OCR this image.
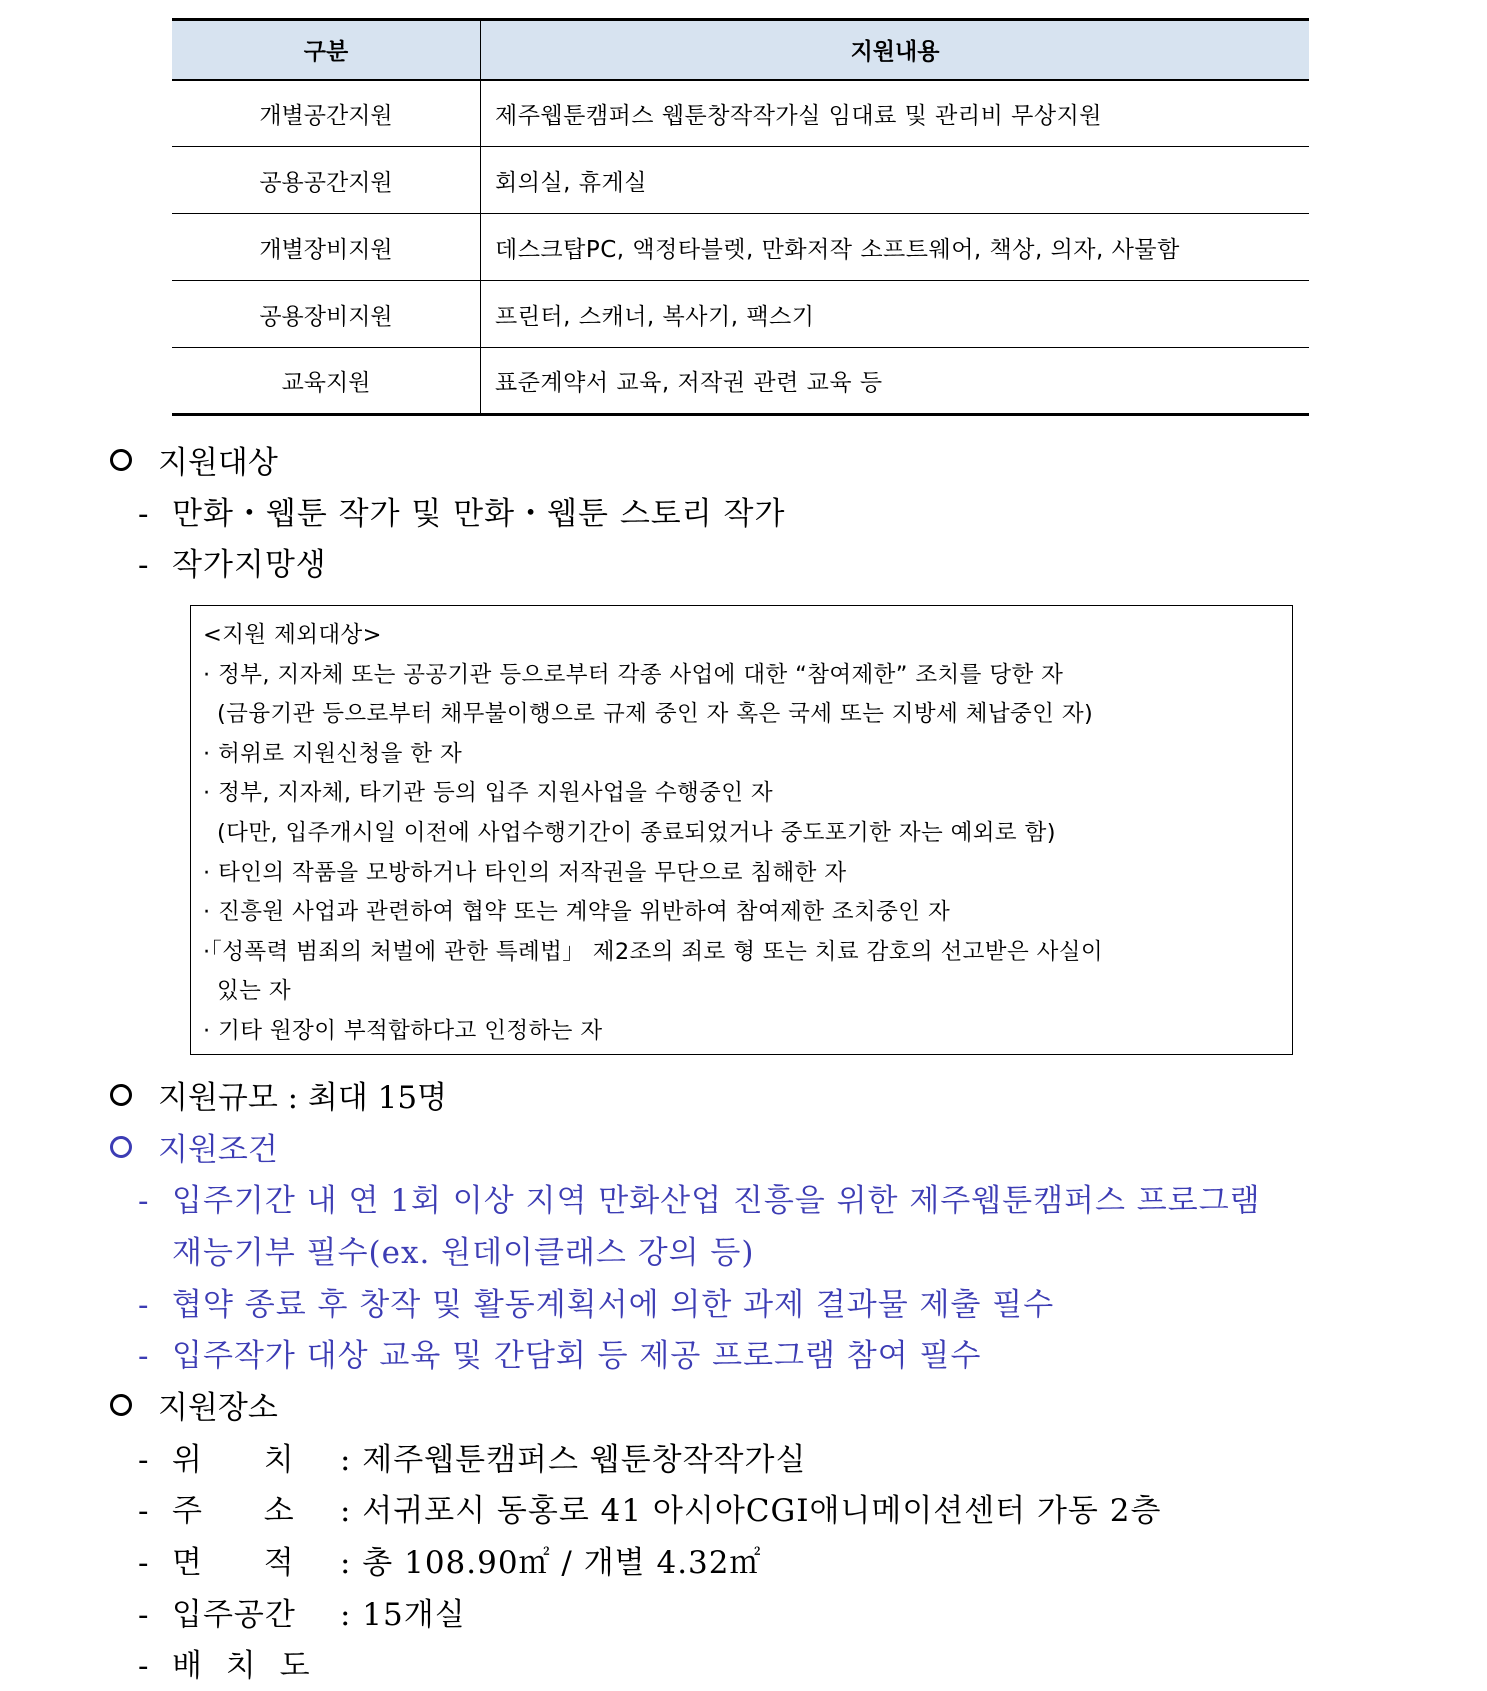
구분	지원내용
개별공간지원	제주웹툰캠퍼스 웹툰창작작가실 임대료 및 관리비 무상지원
공용공간지원	회의실, 휴게실
개별장비지원	데스크탑PC, 액정타블렛, 만화저작 소프트웨어, 책상, 의자, 사물함
공용장비지원	프린터, 스캐너, 복사기, 팩스기
교육지원	표준계약서 교육, 저작권 관련 교육 등
지원대상
- 만화・웹툰 작가 및 만화・웹툰 스토리 작가
- 작가지망생
<지원 제외대상>
· 정부, 지자체 또는 공공기관 등으로부터 각종 사업에 대한 “참여제한” 조치를 당한 자
(금융기관 등으로부터 채무불이행으로 규제 중인 자 혹은 국세 또는 지방세 체납중인 자)
· 허위로 지원신청을 한 자
· 정부, 지자체, 타기관 등의 입주 지원사업을 수행중인 자
(다만, 입주개시일 이전에 사업수행기간이 종료되었거나 중도포기한 자는 예외로 함)
· 타인의 작품을 모방하거나 타인의 저작권을 무단으로 침해한 자
· 진흥원 사업과 관련하여 협약 또는 계약을 위반하여 참여제한 조치중인 자
·「성폭력 범죄의 처벌에 관한 특례법」 제2조의 죄로 형 또는 치료 감호의 선고받은 사실이
있는 자
· 기타 원장이 부적합하다고 인정하는 자
지원규모 : 최대 15명
지원조건
- 입주기간 내 연 1회 이상 지역 만화산업 진흥을 위한 제주웹툰캠퍼스 프로그램
재능기부 필수(ex. 원데이클래스 강의 등)
- 협약 종료 후 창작 및 활동계획서에 의한 과제 결과물 제출 필수
- 입주작가 대상 교육 및 간담회 등 제공 프로그램 참여 필수
지원장소
- 위 치 : 제주웹툰캠퍼스 웹툰창작작가실
- 주 소 : 서귀포시 동홍로 41 아시아CGI애니메이션센터 가동 2층
- 면 적 : 총 108.90㎡ / 개별 4.32㎡
- 입주공간 : 15개실
- 배 치 도
